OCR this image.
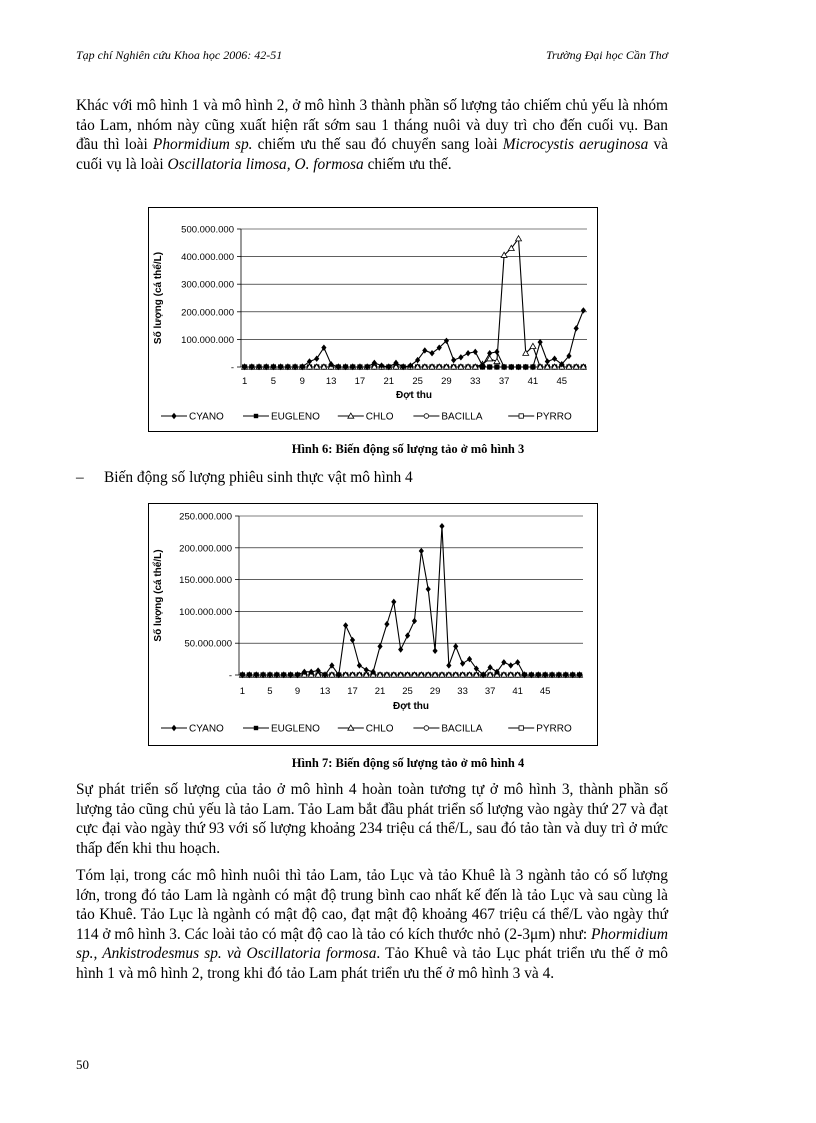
Tạp chí Nghiên cứu Khoa học 2006: 42-51	Trường Đại học Cần Thơ

Khác với mô hình 1 và mô hình 2, ở mô hình 3 thành phần số lượng tảo chiếm chủ yếu là nhóm tảo Lam, nhóm này cũng xuất hiện rất sớm sau 1 tháng nuôi và duy trì cho đến cuối vụ. Ban đầu thì loài Phormidium sp. chiếm ưu thế sau đó chuyển sang loài Microcystis aeruginosa và cuối vụ là loài Oscillatoria limosa, O. formosa chiếm ưu thế.

-
100.000.000
200.000.000
300.000.000
400.000.000
500.000.000
1 5 9 13 17 21 25 29 33 37 41 45
Đợt thu
Số lượng (cá thể/L)
CYANO	EUGLENO	CHLO	BACILLA	PYRRO
Hình 6: Biến động số lượng tảo ở mô hình 3
– Biến động số lượng phiêu sinh thực vật mô hình 4
-
50.000.000
100.000.000
150.000.000
200.000.000
250.000.000
1 5 9 13 17 21 25 29 33 37 41 45
Đợt thu
Số lượng (cá thể/L)
CYANO	EUGLENO	CHLO	BACILLA	PYRRO
Hình 7: Biến động số lượng tảo ở mô hình 4

Sự phát triển số lượng của tảo ở mô hình 4 hoàn toàn tương tự ở mô hình 3, thành phần số lượng tảo cũng chủ yếu là tảo Lam. Tảo Lam bắt đầu phát triển số lượng vào ngày thứ 27 và đạt cực đại vào ngày thứ 93 với số lượng khoảng 234 triệu cá thể/L, sau đó tảo tàn và duy trì ở mức thấp đến khi thu hoạch.

Tóm lại, trong các mô hình nuôi thì tảo Lam, tảo Lục và tảo Khuê là 3 ngành tảo có số lượng lớn, trong đó tảo Lam là ngành có mật độ trung bình cao nhất kế đến là tảo Lục và sau cùng là tảo Khuê. Tảo Lục là ngành có mật độ cao, đạt mật độ khoảng 467 triệu cá thể/L vào ngày thứ 114 ở mô hình 3. Các loài tảo có mật độ cao là tảo có kích thước nhỏ (2-3μm) như: Phormidium sp., Ankistrodesmus sp. và Oscillatoria formosa. Tảo Khuê và tảo Lục phát triển ưu thế ở mô hình 1 và mô hình 2, trong khi đó tảo Lam phát triển ưu thế ở mô hình 3 và 4.

50
